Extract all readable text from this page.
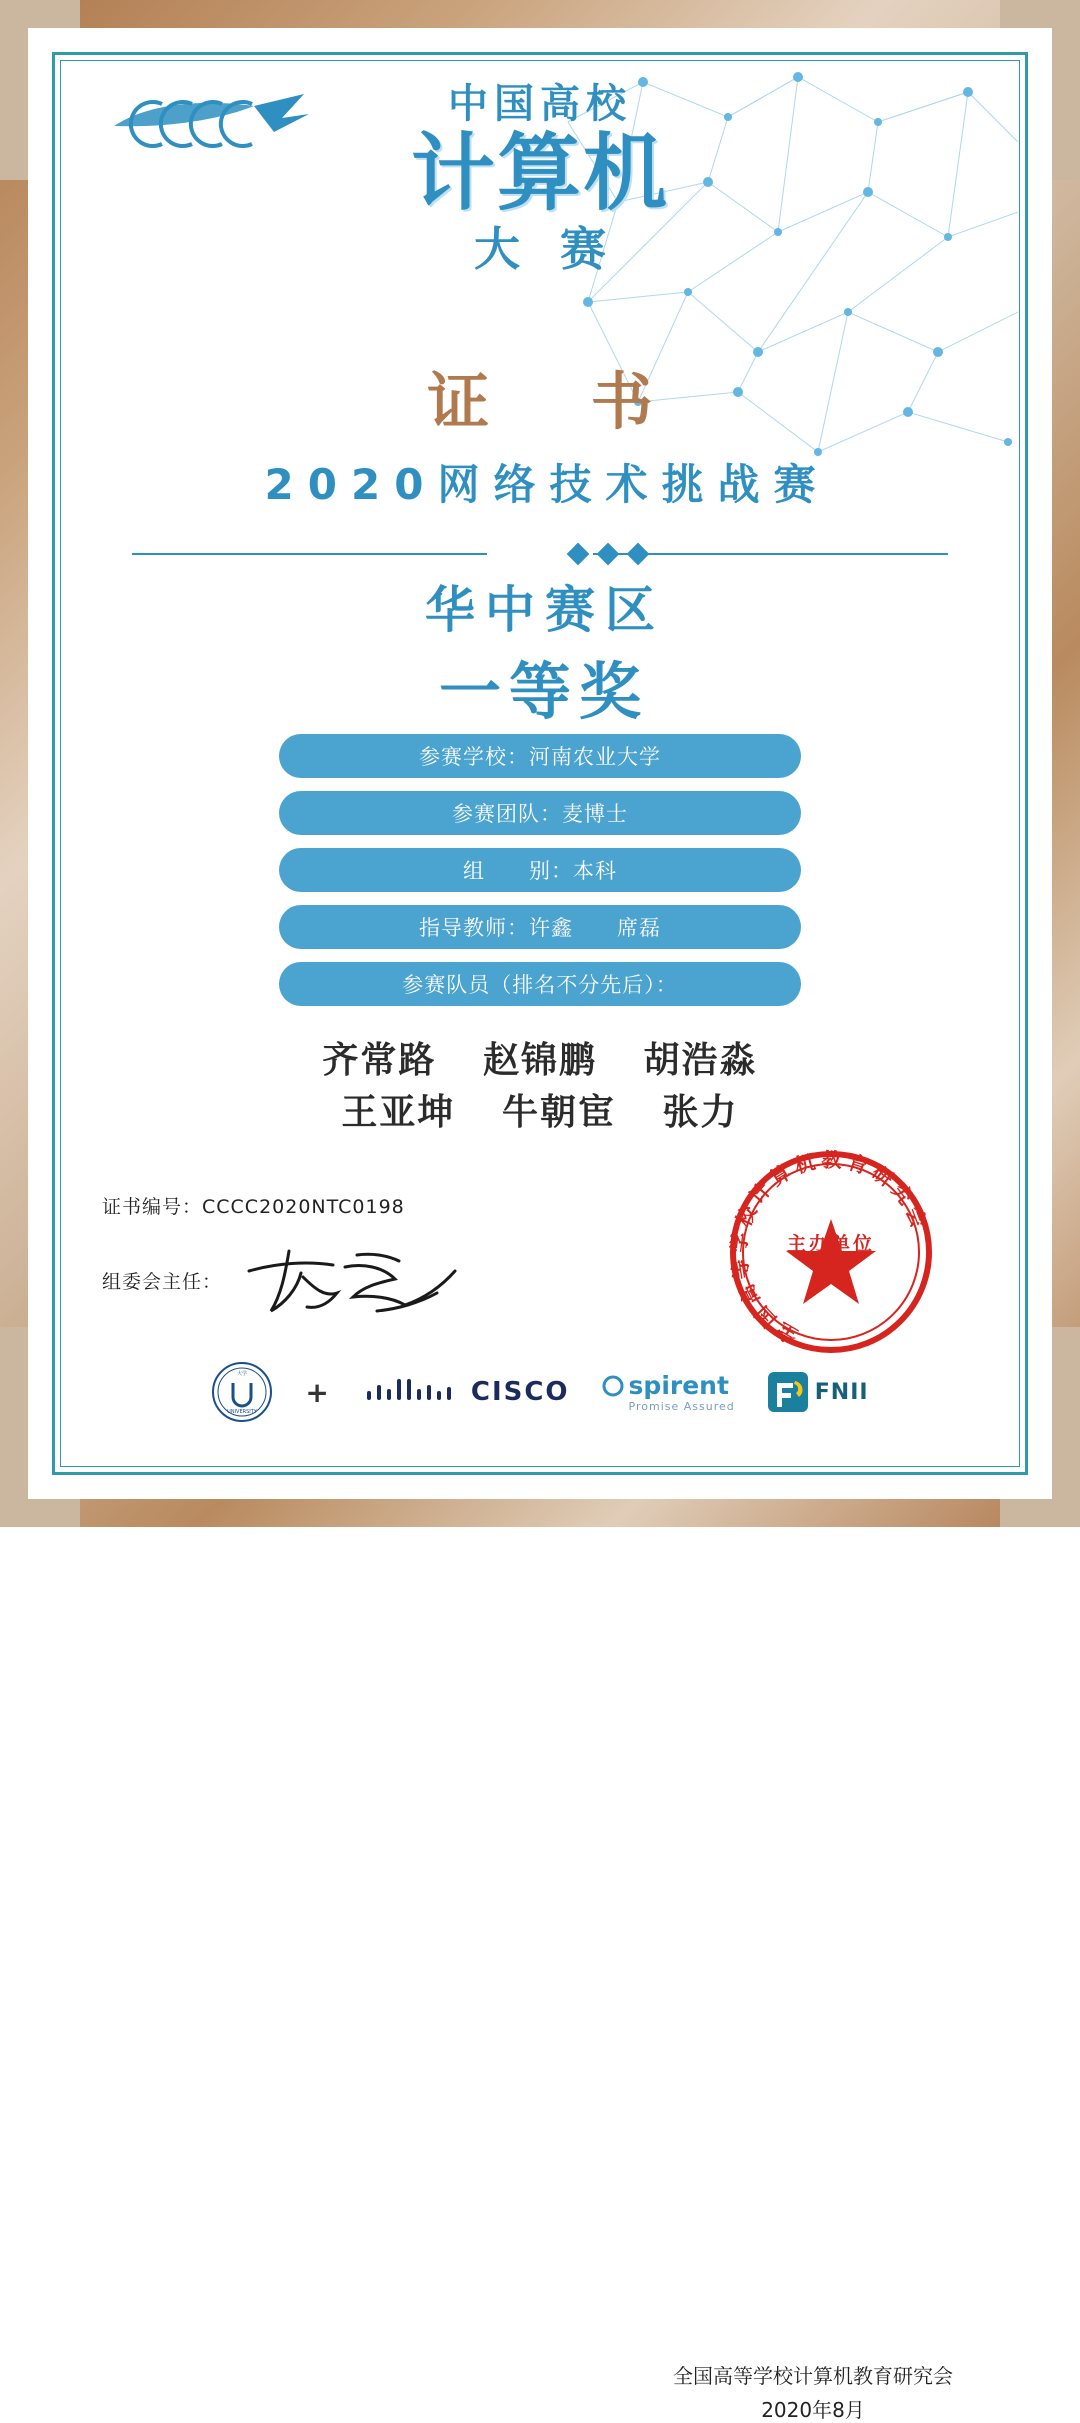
中国高校
计算机
大赛
证 书
2020网络技术挑战赛
华中赛区
一等奖
参赛学校：河南农业大学
参赛团队：麦博士
组　　别：本科
指导教师：许鑫　　席磊
参赛队员（排名不分先后）：
齐常路 赵锦鹏 胡浩淼
王亚坤 牛朝宦 张力
证书编号：CCCC2020NTC0198
组委会主任：
全国高等学校计算机教育研究会
主办单位
全国高等学校计算机教育研究会
2020年8月
UNIVERSITY
大学
+	CISCO spirent
Promise Assured
FNII
